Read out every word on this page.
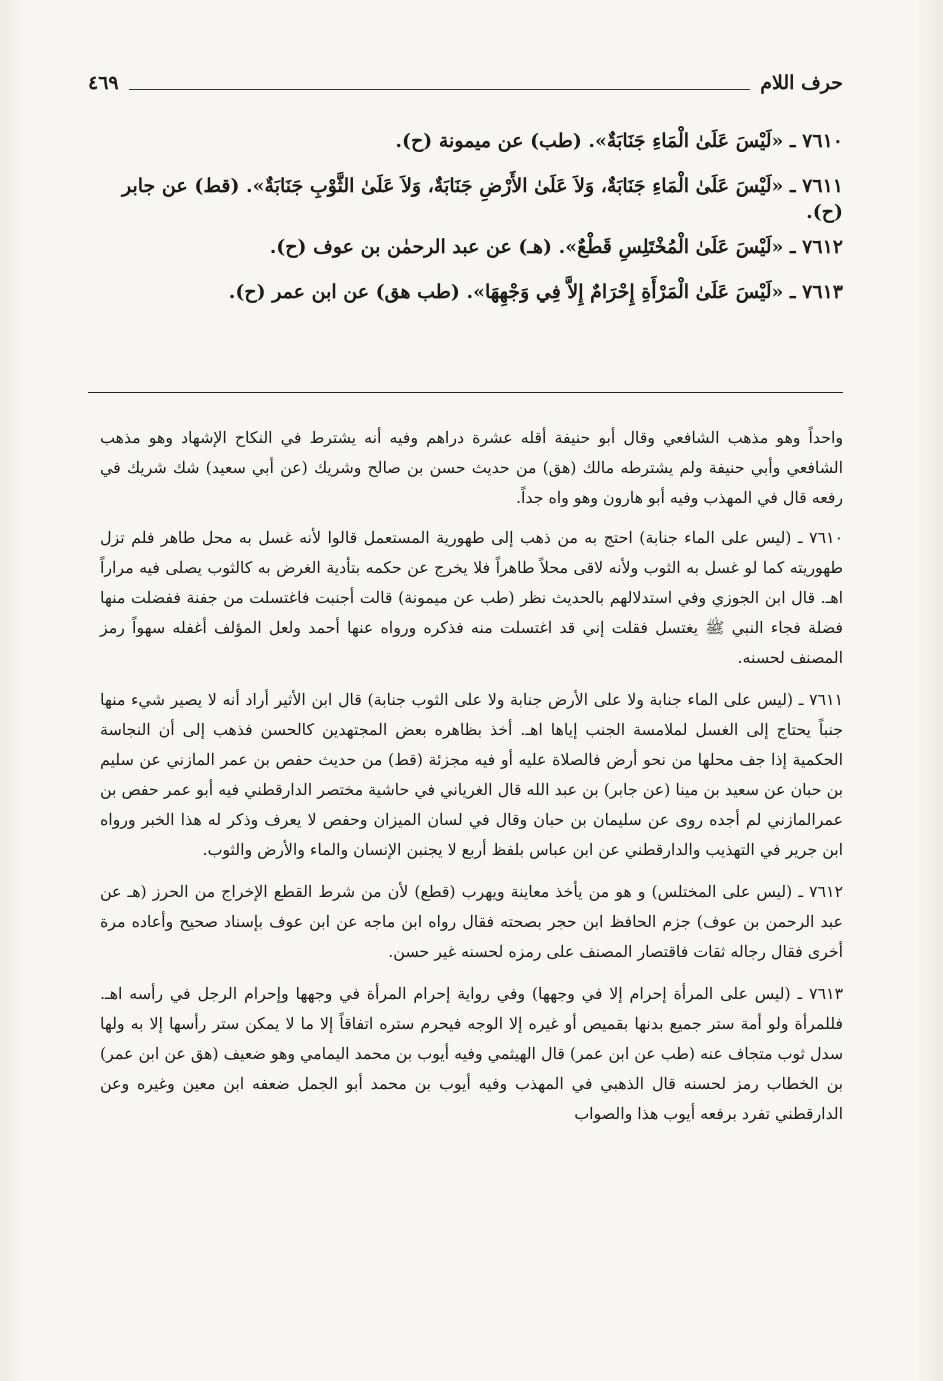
حرف اللام
٤٦٩
٧٦١٠ ـ «لَيْسَ عَلَىٰ الْمَاءِ جَنَابَةٌ». (طب) عن ميمونة (ح).
٧٦١١ ـ «لَيْسَ عَلَىٰ الْمَاءِ جَنَابَةٌ، وَلاَ عَلَىٰ الأَرْضِ جَنَابَةٌ، وَلاَ عَلَىٰ الثَّوْبِ جَنَابَةٌ». (قط) عن جابر (ح).
٧٦١٢ ـ «لَيْسَ عَلَىٰ الْمُخْتَلِسِ قَطْعٌ». (هـ) عن عبد الرحمٰن بن عوف (ح).
٧٦١٣ ـ «لَيْسَ عَلَىٰ الْمَرْأَةِ إِحْرَامٌ إِلاَّ فِي وَجْهِهَا». (طب هق) عن ابن عمر (ح).

واحداً وهو مذهب الشافعي وقال أبو حنيفة أقله عشرة دراهم وفيه أنه يشترط في النكاح الإشهاد وهو مذهب الشافعي وأبي حنيفة ولم يشترطه مالك (هق) من حديث حسن بن صالح وشريك (عن أبي سعيد) شك شريك في رفعه قال في المهذب وفيه أبو هارون وهو واه جداً.

٧٦١٠ ـ (ليس على الماء جنابة) احتج به من ذهب إلى طهورية المستعمل قالوا لأنه غسل به محل طاهر فلم تزل طهوريته كما لو غسل به الثوب ولأنه لاقى محلاً طاهراً فلا يخرج عن حكمه بتأدية الغرض به كالثوب يصلى فيه مراراً اهـ. قال ابن الجوزي وفي استدلالهم بالحديث نظر (طب عن ميمونة) قالت أجنبت فاغتسلت من جفنة ففضلت منها فضلة فجاء النبي ﷺ يغتسل فقلت إني قد اغتسلت منه فذكره ورواه عنها أحمد ولعل المؤلف أغفله سهواً رمز المصنف لحسنه.

٧٦١١ ـ (ليس على الماء جنابة ولا على الأرض جنابة ولا على الثوب جنابة) قال ابن الأثير أراد أنه لا يصير شيء منها جنباً يحتاج إلى الغسل لملامسة الجنب إياها اهـ. أخذ بظاهره بعض المجتهدين كالحسن فذهب إلى أن النجاسة الحكمية إذا جف محلها من نحو أرض فالصلاة عليه أو فيه مجزئة (قط) من حديث حفص بن عمر المازني عن سليم بن حبان عن سعيد بن مينا (عن جابر) بن عبد الله قال الغرياني في حاشية مختصر الدارقطني فيه أبو عمر حفص بن عمرالمازني لم أجده روى عن سليمان بن حبان وقال في لسان الميزان وحفص لا يعرف وذكر له هذا الخبر ورواه ابن جرير في التهذيب والدارقطني عن ابن عباس بلفظ أربع لا يجنبن الإنسان والماء والأرض والثوب.

٧٦١٢ ـ (ليس على المختلس) و هو من يأخذ معاينة ويهرب (قطع) لأن من شرط القطع الإخراج من الحرز (هـ عن عبد الرحمن بن عوف) جزم الحافظ ابن حجر بصحته فقال رواه ابن ماجه عن ابن عوف بإسناد صحيح وأعاده مرة أخرى فقال رجاله ثقات فاقتصار المصنف على رمزه لحسنه غير حسن.

٧٦١٣ ـ (ليس على المرأة إحرام إلا في وجهها) وفي رواية إحرام المرأة في وجهها وإحرام الرجل في رأسه اهـ. فللمرأة ولو أمة ستر جميع بدنها بقميص أو غيره إلا الوجه فيحرم ستره اتفاقاً إلا ما لا يمكن ستر رأسها إلا به ولها سدل ثوب متجاف عنه (طب عن ابن عمر) قال الهيثمي وفيه أيوب بن محمد اليمامي وهو ضعيف (هق عن ابن عمر) بن الخطاب رمز لحسنه قال الذهبي في المهذب وفيه أيوب بن محمد أبو الجمل ضعفه ابن معين وغيره وعن الدارقطني تفرد برفعه أيوب هذا والصواب
